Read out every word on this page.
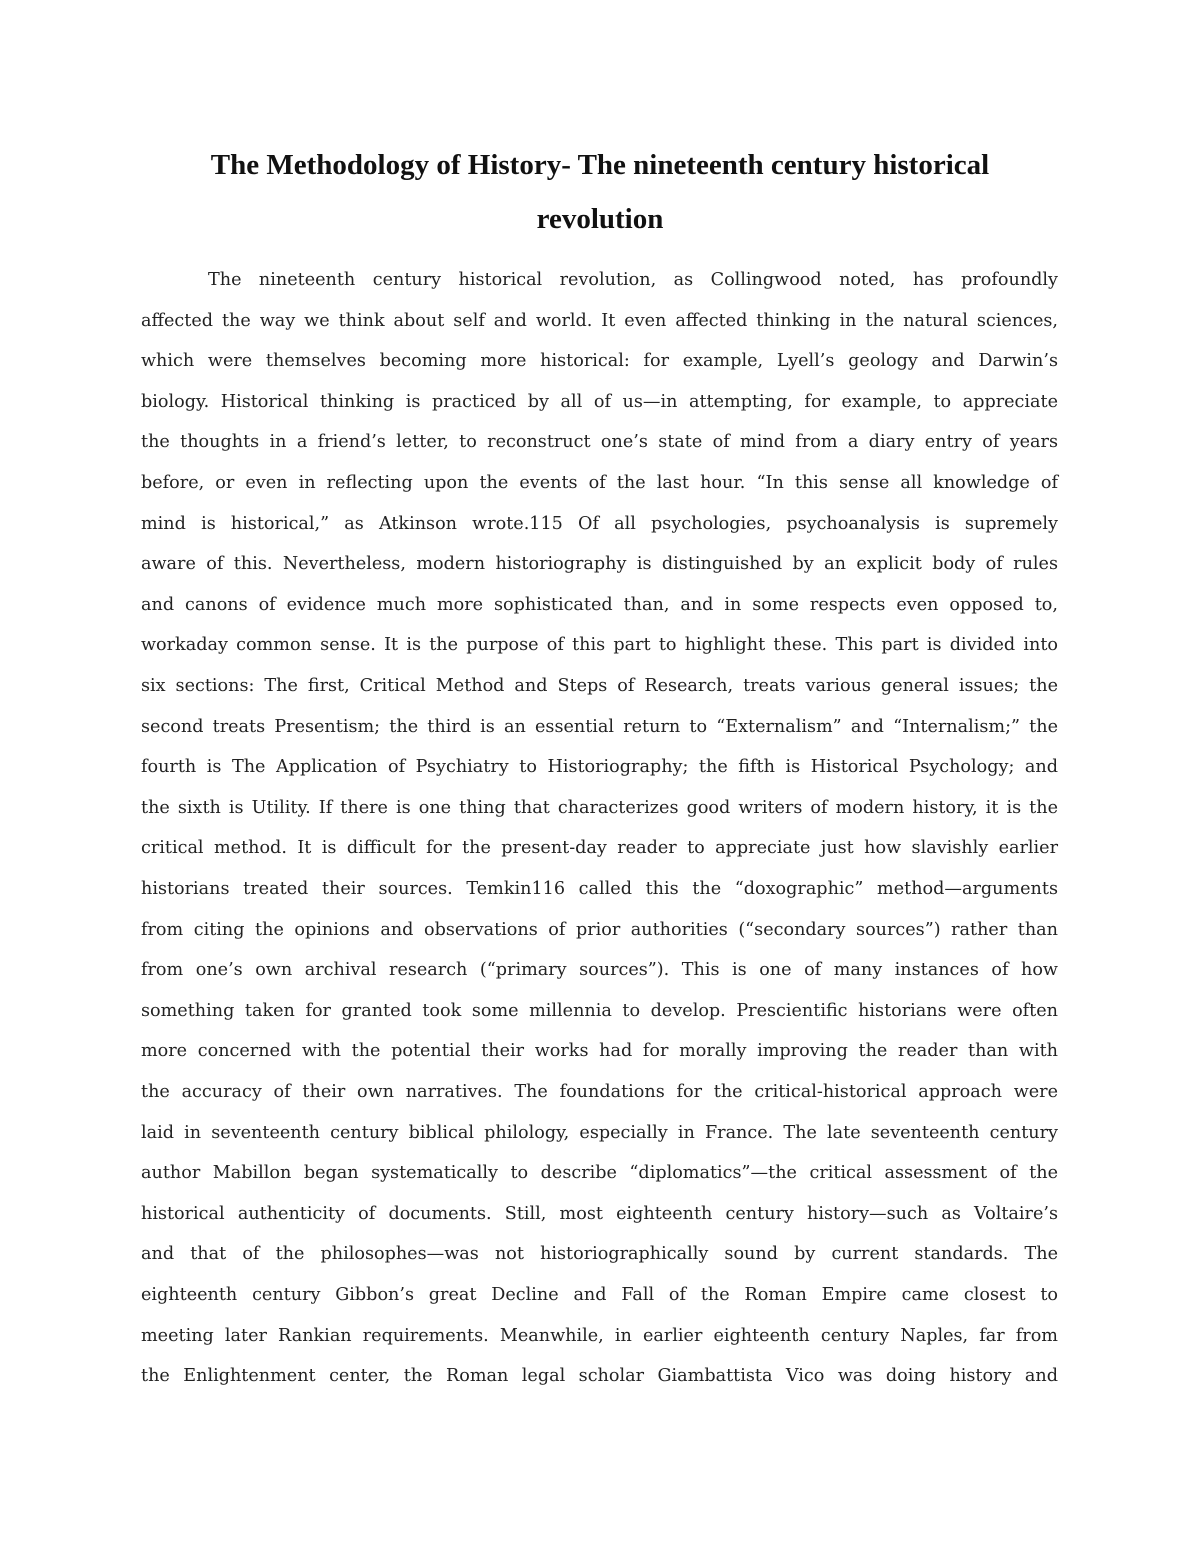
The Methodology of History- The nineteenth century historical revolution
The nineteenth century historical revolution, as Collingwood noted, has profoundly
affected the way we think about self and world. It even affected thinking in the natural sciences,
which were themselves becoming more historical: for example, Lyell’s geology and Darwin’s
biology. Historical thinking is practiced by all of us—in attempting, for example, to appreciate
the thoughts in a friend’s letter, to reconstruct one’s state of mind from a diary entry of years
before, or even in reflecting upon the events of the last hour. “In this sense all knowledge of
mind is historical,” as Atkinson wrote.115 Of all psychologies, psychoanalysis is supremely
aware of this. Nevertheless, modern historiography is distinguished by an explicit body of rules
and canons of evidence much more sophisticated than, and in some respects even opposed to,
workaday common sense. It is the purpose of this part to highlight these. This part is divided into
six sections: The first, Critical Method and Steps of Research, treats various general issues; the
second treats Presentism; the third is an essential return to “Externalism” and “Internalism;” the
fourth is The Application of Psychiatry to Historiography; the fifth is Historical Psychology; and
the sixth is Utility. If there is one thing that characterizes good writers of modern history, it is the
critical method. It is difficult for the present-day reader to appreciate just how slavishly earlier
historians treated their sources. Temkin116 called this the “doxographic” method—arguments
from citing the opinions and observations of prior authorities (“secondary sources”) rather than
from one’s own archival research (“primary sources”). This is one of many instances of how
something taken for granted took some millennia to develop. Prescientific historians were often
more concerned with the potential their works had for morally improving the reader than with
the accuracy of their own narratives. The foundations for the critical-historical approach were
laid in seventeenth century biblical philology, especially in France. The late seventeenth century
author Mabillon began systematically to describe “diplomatics”—the critical assessment of the
historical authenticity of documents. Still, most eighteenth century history—such as Voltaire’s
and that of the philosophes—was not historiographically sound by current standards. The
eighteenth century Gibbon’s great Decline and Fall of the Roman Empire came closest to
meeting later Rankian requirements. Meanwhile, in earlier eighteenth century Naples, far from
the Enlightenment center, the Roman legal scholar Giambattista Vico was doing history and
